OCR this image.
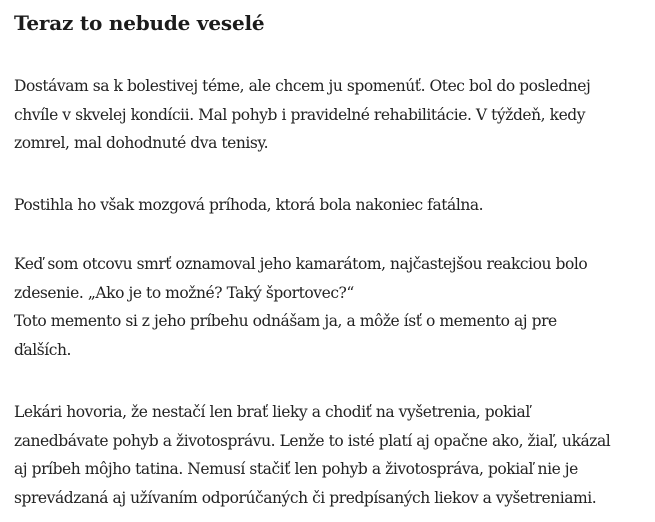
Teraz to nebude veselé

Dostávam sa k bolestivej téme, ale chcem ju spomenúť. Otec bol do poslednej
chvíle v skvelej kondícii. Mal pohyb i pravidelné rehabilitácie. V týždeň, kedy
zomrel, mal dohodnuté dva tenisy.

Postihla ho však mozgová príhoda, ktorá bola nakoniec fatálna.

Keď som otcovu smrť oznamoval jeho kamarátom, najčastejšou reakciou bolo
zdesenie. „Ako je to možné? Taký športovec?“
Toto memento si z jeho príbehu odnášam ja, a môže ísť o memento aj pre
ďalších.

Lekári hovoria, že nestačí len brať lieky a chodiť na vyšetrenia, pokiaľ
zanedbávate pohyb a životosprávu. Lenže to isté platí aj opačne ako, žiaľ, ukázal
aj príbeh môjho tatina. Nemusí stačiť len pohyb a životospráva, pokiaľ nie je
sprevádzaná aj užívaním odporúčaných či predpísaných liekov a vyšetreniami.
